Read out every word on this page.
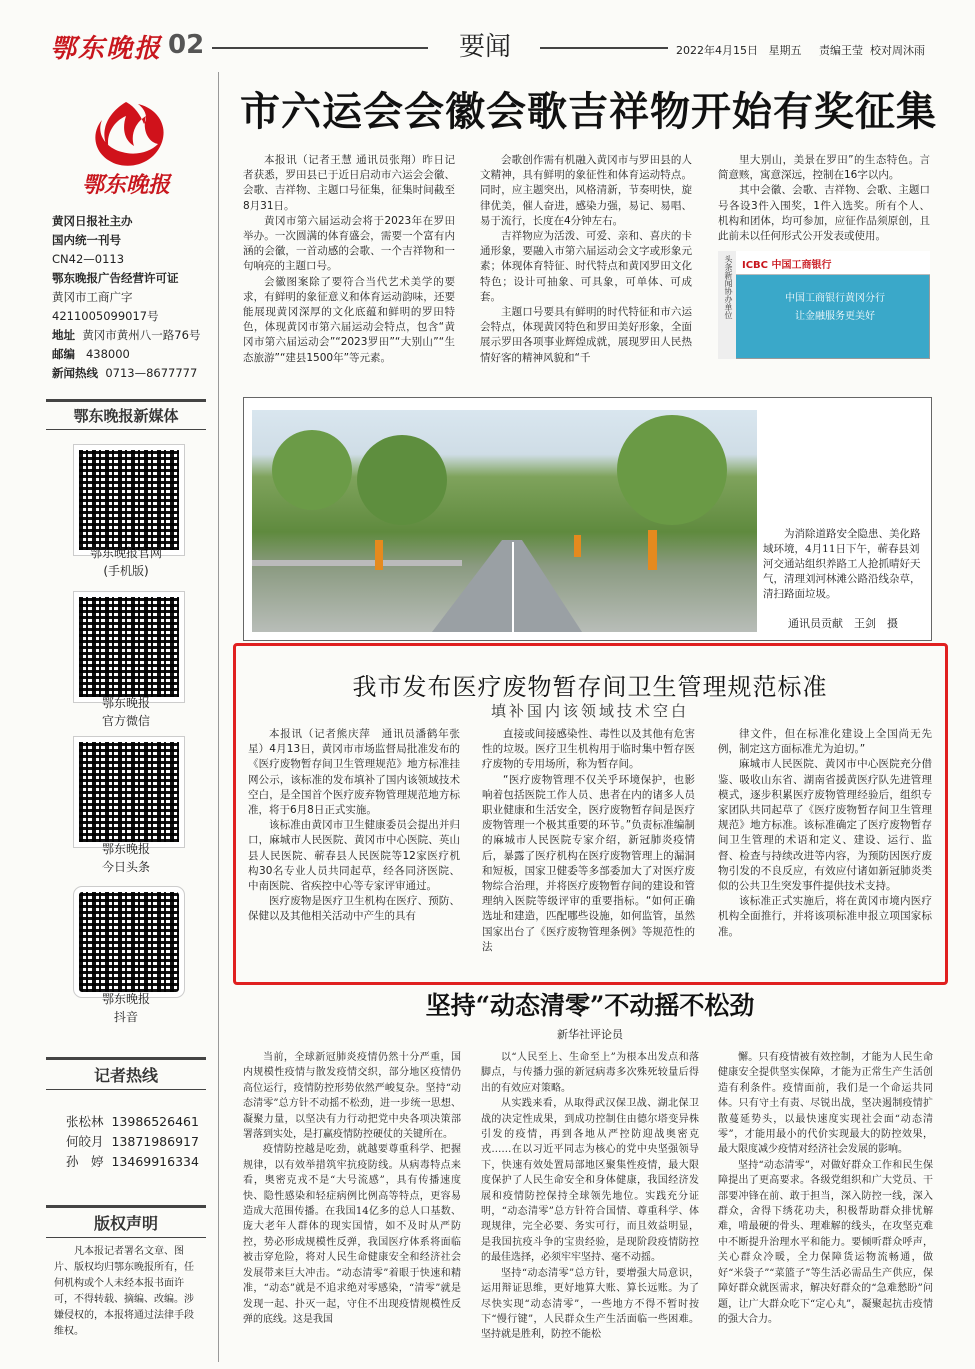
鄂东晚报 02	要闻	2022年4月15日 星期五 责编王莹 校对周沐雨
鄂东晚报
黄冈日报社主办
国内统一刊号
CN42—0113
鄂东晚报广告经营许可证
黄冈市工商广字
4211005099017号
地址 黄冈市黄州八一路76号
邮编 438000
新闻热线 0713—8677777
鄂东晚报新媒体
鄂东晚报官网
(手机版)
鄂东晚报
官方微信
鄂东晚报
今日头条
鄂东晚报
抖音
记者热线
张松林 13986526461
何皎月 13871986917
孙　婷 13469916334
版权声明
凡本报记者署名文章、图片、版权均归鄂东晚报所有，任何机构或个人未经本报书面许可，不得转载、摘编、改编。涉嫌侵权的，本报将通过法律手段维权。
市六运会会徽会歌吉祥物开始有奖征集

本报讯（记者王慧 通讯员张翔）昨日记者获悉，罗田县已于近日启动市六运会会徽、会歌、吉祥物、主题口号征集，征集时间截至8月31日。

黄冈市第六届运动会将于2023年在罗田举办。一次圆满的体育盛会，需要一个富有内涵的会徽，一首动感的会歌、一个吉祥物和一句响亮的主题口号。

会徽图案除了要符合当代艺术美学的要求，有鲜明的象征意义和体育运动韵味，还要能展现黄冈深厚的文化底蕴和鲜明的罗田特色，体现黄冈市第六届运动会特点，包含“黄冈市第六届运动会”“2023罗田”“大别山”“生态旅游”“建县1500年”等元素。

会歌创作需有机融入黄冈市与罗田县的人文精神，具有鲜明的象征性和体育运动特点。同时，应主题突出，风格清新，节奏明快，旋律优美，催人奋进，感染力强，易记、易唱、易于流行，长度在4分钟左右。

吉祥物应为活泼、可爱、亲和、喜庆的卡通形象，要融入市第六届运动会文字或形象元素；体现体育特征、时代特点和黄冈罗田文化特色；设计可抽象、可具象，可单体、可成套。

主题口号要具有鲜明的时代特征和市六运会特点，体现黄冈特色和罗田美好形象，全面展示罗田各项事业辉煌成就，展现罗田人民热情好客的精神风貌和“千

里大别山，美景在罗田”的生态特色。言简意赅，寓意深远，控制在16字以内。

其中会徽、会歌、吉祥物、会歌、主题口号各设3件入围奖，1件入选奖。所有个人、机构和团体，均可参加，应征作品须原创，且此前未以任何形式公开发表或使用。

头条新闻协办单位 ICBC 中国工商银行
中国工商银行黄冈分行
让金融服务更美好
为消除道路安全隐患、美化路域环境，4月11日下午，蕲春县刘河交通站组织养路工人抢抓晴好天气，清理刘河林滩公路沿线杂草，清扫路面垃圾。
通讯员贡献　王剑　摄
我市发布医疗废物暂存间卫生管理规范标准
填补国内该领域技术空白

本报讯（记者熊庆萍　通讯员潘鹤年张星）4月13日，黄冈市市场监督局批准发布的《医疗废物暂存间卫生管理规范》地方标准挂网公示，该标准的发布填补了国内该领域技术空白，是全国首个医疗废弃物管理规范地方标准，将于6月8日正式实施。

该标准由黄冈市卫生健康委员会提出并归口，麻城市人民医院、黄冈市中心医院、英山县人民医院、蕲春县人民医院等12家医疗机构30名专业人员共同起草，经各同济医院、中南医院、省疾控中心等专家评审通过。

医疗废物是医疗卫生机构在医疗、预防、保健以及其他相关活动中产生的具有

直接或间接感染性、毒性以及其他有危害性的垃圾。医疗卫生机构用于临时集中暂存医疗废物的专用场所，称为暂存间。

“医疗废物管理不仅关乎环境保护，也影响着包括医院工作人员、患者在内的诸多人员职业健康和生活安全，医疗废物暂存间是医疗废物管理一个极其重要的环节。”负责标准编制的麻城市人民医院专家介绍，新冠肺炎疫情后，暴露了医疗机构在医疗废物管理上的漏洞和短板，国家卫健委等多部委加大了对医疗废物综合治理，并将医疗废物暂存间的建设和管理纳入医院等级评审的重要指标。“如何正确选址和建造，匹配哪些设施，如何监管，虽然国家出台了《医疗废物管理条例》等规范性的法

律文件，但在标准化建设上全国尚无先例，制定这方面标准尤为迫切。”

麻城市人民医院、黄冈市中心医院充分借鉴、吸收山东省、湖南省援黄医疗队先进管理模式，逐步积累医疗废物管理经验后，组织专家团队共同起草了《医疗废物暂存间卫生管理规范》地方标准。该标准确定了医疗废物暂存间卫生管理的术语和定义、建设、运行、监督、检查与持续改进等内容，为预防因医疗废物引发的不良反应，有效应付诸如新冠肺炎类似的公共卫生突发事件提供技术支持。

该标准正式实施后，将在黄冈市境内医疗机构全面推行，并将该项标准申报立项国家标准。

坚持“动态清零”不动摇不松劲
新华社评论员

当前，全球新冠肺炎疫情仍然十分严重，国内规模性疫情与散发疫情交织，部分地区疫情仍高位运行，疫情防控形势依然严峻复杂。坚持“动态清零”总方针不动摇不松劲，进一步统一思想、凝聚力量，以坚决有力行动把党中央各项决策部署落到实处，是打赢疫情防控硬仗的关键所在。

疫情防控越是吃劲，就越要尊重科学、把握规律，以有效举措筑牢抗疫防线。从病毒特点来看，奥密克戎不是“大号流感”，具有传播速度快、隐性感染和轻症病例比例高等特点，更容易造成大范围传播。在我国14亿多的总人口基数、庞大老年人群体的现实国情，如不及时从严防控，势必形成规模性反弹，我国医疗体系将面临被击穿危险，将对人民生命健康安全和经济社会发展带来巨大冲击。“动态清零”着眼于快速和精准，“动态”就是不追求绝对零感染，“清零”就是发现一起、扑灭一起，守住不出现疫情规模性反弹的底线。这是我国

以“人民至上、生命至上”为根本出发点和落脚点，与传播力强的新冠病毒多次殊死较量后得出的有效应对策略。

从实践来看，从取得武汉保卫战、湖北保卫战的决定性成果，到成功控制住由德尔塔变异株引发的疫情，再到各地从严控防迎战奥密克戎……在以习近平同志为核心的党中央坚强领导下，快速有效处置局部地区聚集性疫情，最大限度保护了人民生命安全和身体健康，我国经济发展和疫情防控保持全球领先地位。实践充分证明，“动态清零”总方针符合国情、尊重科学、体现规律，完全必要、务实可行，而且效益明显，是我国抗疫斗争的宝贵经验，是现阶段疫情防控的最佳选择，必须牢牢坚持、毫不动摇。

坚持“动态清零”总方针，要增强大局意识，运用辩证思维，更好地算大账、算长远账。为了尽快实现“动态清零”，一些地方不得不暂时按下“慢行键”，人民群众生产生活面临一些困难。坚持就是胜利，防控不能松

懈。只有疫情被有效控制，才能为人民生命健康安全提供坚实保障，才能为正常生产生活创造有利条件。疫情面前，我们是一个命运共同体。只有守土有责、尽锐出战，坚决遏制疫情扩散蔓延势头，以最快速度实现社会面“动态清零”，才能用最小的代价实现最大的防控效果，最大限度减少疫情对经济社会发展的影响。

坚持“动态清零”，对做好群众工作和民生保障提出了更高要求。各级党组织和广大党员、干部要冲锋在前、敢于担当，深入防控一线，深入群众，舍得下绣花功夫，积极帮助群众排忧解难，啃最硬的骨头、理难解的线头，在攻坚克难中不断提升治理水平和能力。要倾听群众呼声，关心群众冷暖，全力保障货运物流畅通，做好“米袋子”“菜篮子”等生活必需品生产供应，保障好群众就医需求，解决好群众的“急难愁盼”问题，让广大群众吃下“定心丸”，凝聚起抗击疫情的强大合力。
